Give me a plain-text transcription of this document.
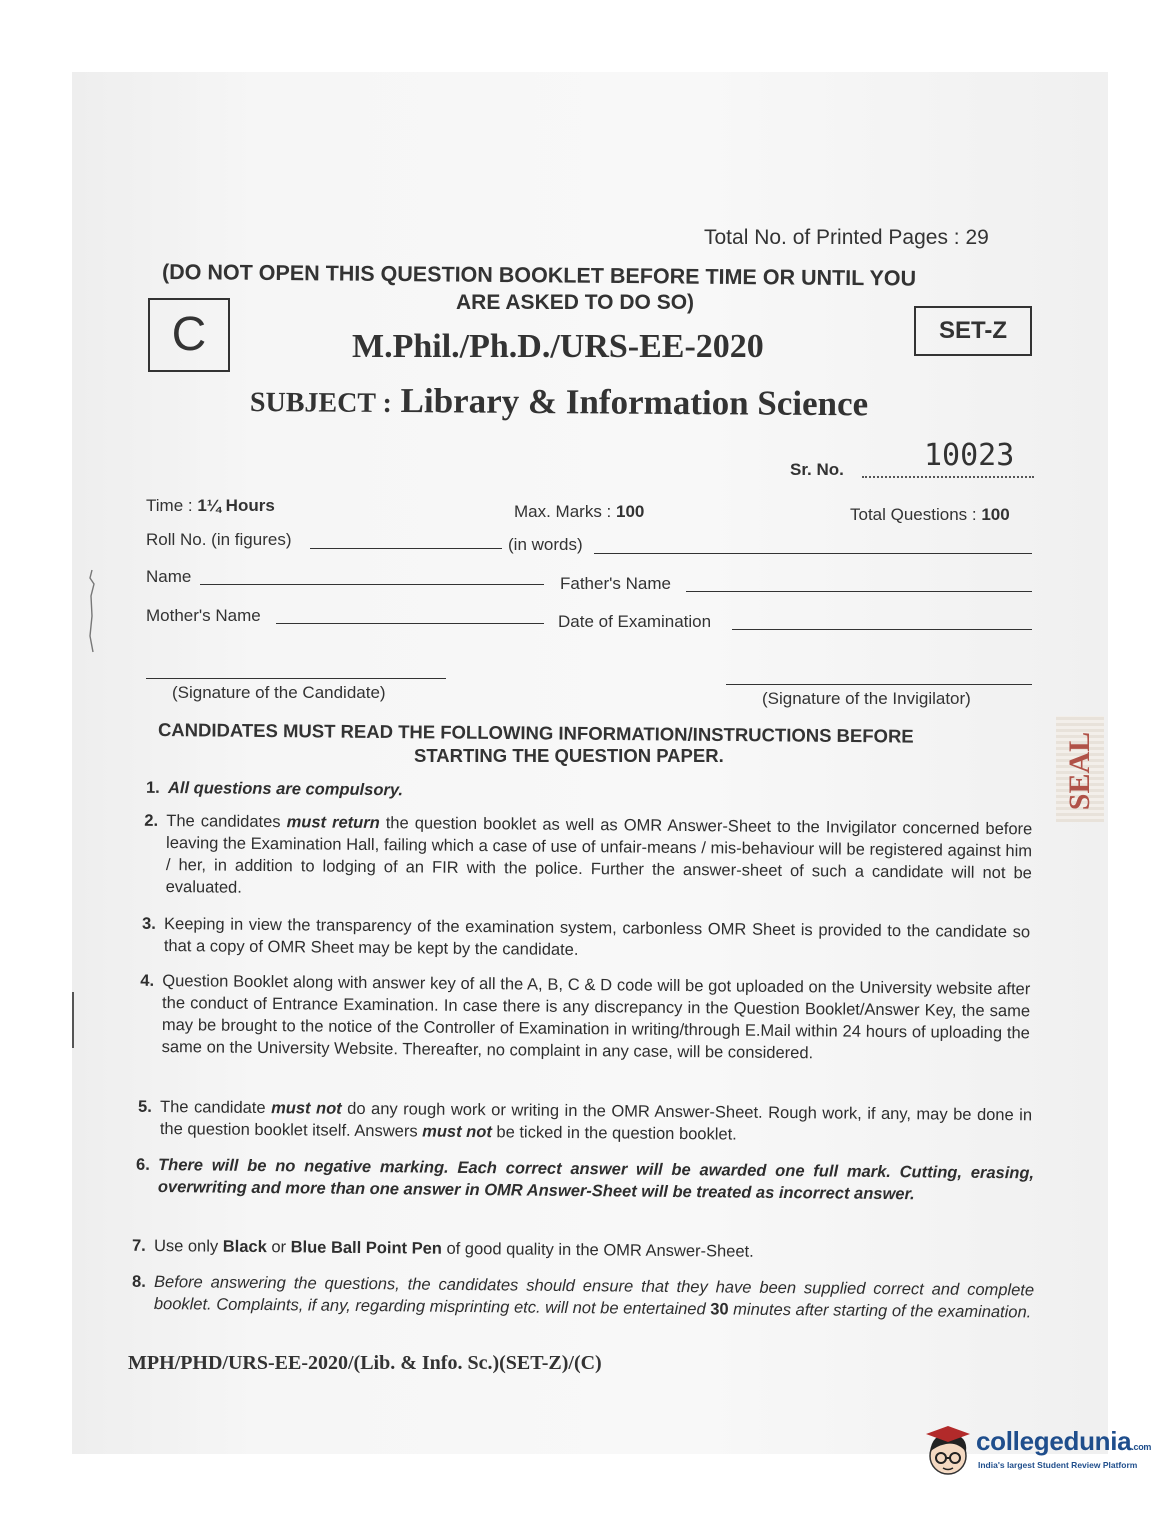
Total No. of Printed Pages : 29
(DO NOT OPEN THIS QUESTION BOOKLET BEFORE TIME OR UNTIL YOU
ARE ASKED TO DO SO)
C	SET-Z
M.Phil./Ph.D./URS-EE-2020
SUBJECT : Library & Information Science
Sr. No.	10023
Time : 1¼ Hours	Max. Marks : 100	Total Questions : 100
Roll No. (in figures)	(in words)
Name	Father's Name
Mother's Name	Date of Examination
(Signature of the Candidate)	(Signature of the Invigilator)
SEAL
CANDIDATES MUST READ THE FOLLOWING INFORMATION/INSTRUCTIONS BEFORE
STARTING THE QUESTION PAPER.
1. All questions are compulsory.
2. The candidates must return the question booklet as well as OMR Answer-Sheet to the Invigilator concerned before leaving the Examination Hall, failing which a case of use of unfair-means / mis-behaviour will be registered against him / her, in addition to lodging of an FIR with the police. Further the answer-sheet of such a candidate will not be evaluated.
3. Keeping in view the transparency of the examination system, carbonless OMR Sheet is provided to the candidate so that a copy of OMR Sheet may be kept by the candidate.
4. Question Booklet along with answer key of all the A, B, C & D code will be got uploaded on the University website after the conduct of Entrance Examination. In case there is any discrepancy in the Question Booklet/Answer Key, the same may be brought to the notice of the Controller of Examination in writing/through E.Mail within 24 hours of uploading the same on the University Website. Thereafter, no complaint in any case, will be considered.
5. The candidate must not do any rough work or writing in the OMR Answer-Sheet. Rough work, if any, may be done in the question booklet itself. Answers must not be ticked in the question booklet.
6. There will be no negative marking. Each correct answer will be awarded one full mark. Cutting, erasing, overwriting and more than one answer in OMR Answer-Sheet will be treated as incorrect answer.
7. Use only Black or Blue Ball Point Pen of good quality in the OMR Answer-Sheet.
8. Before answering the questions, the candidates should ensure that they have been supplied correct and complete booklet. Complaints, if any, regarding misprinting etc. will not be entertained 30 minutes after starting of the examination.
MPH/PHD/URS-EE-2020/(Lib. & Info. Sc.)(SET-Z)/(C)
collegedunia.com
India's largest Student Review Platform
